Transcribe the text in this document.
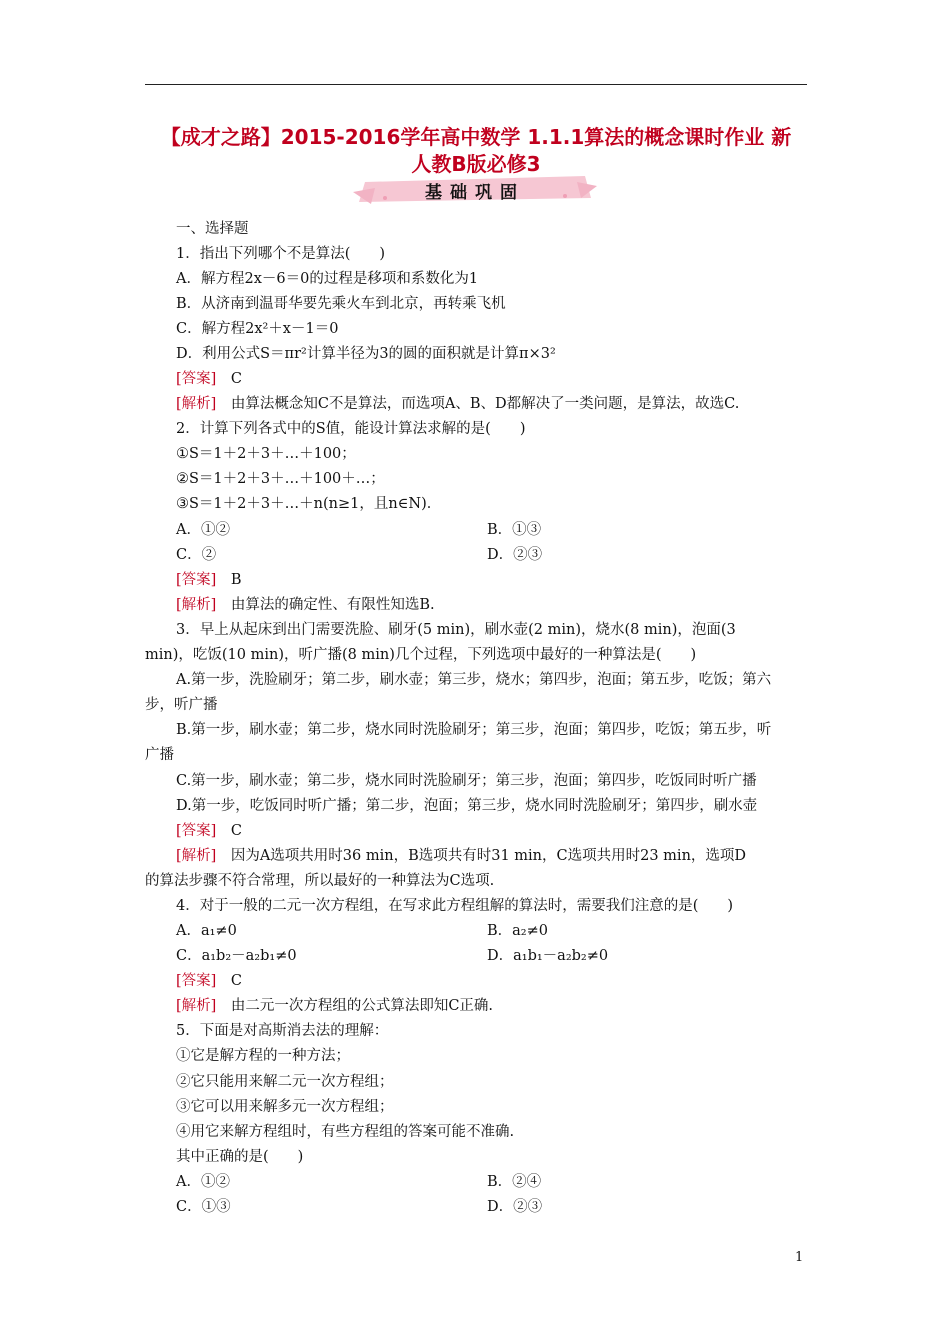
【成才之路】2015-2016学年高中数学 1.1.1算法的概念课时作业 新
人教B版必修3
基础巩固
一、选择题
1．指出下列哪个不是算法(　　)
A．解方程2x－6＝0的过程是移项和系数化为1
B．从济南到温哥华要先乘火车到北京，再转乘飞机
C．解方程2x²＋x－1＝0
D．利用公式S＝πr²计算半径为3的圆的面积就是计算π×3²
[答案]　 C
[解析]　 由算法概念知C不是算法，而选项A、B、D都解决了一类问题，是算法，故选C.
2．计算下列各式中的S值，能设计算法求解的是(　　)
①S＝1＋2＋3＋…＋100；
②S＝1＋2＋3＋…＋100＋…；
③S＝1＋2＋3＋…＋n(n≥1，且n∈N)．
A．①②	B．①③
C．②	D．②③
[答案]　 B
[解析]　 由算法的确定性、有限性知选B.
3．早上从起床到出门需要洗脸、刷牙(5 min)，刷水壶(2 min)，烧水(8 min)，泡面(3
min)，吃饭(10 min)，听广播(8 min)几个过程，下列选项中最好的一种算法是(　　)
A.第一步，洗脸刷牙；第二步，刷水壶；第三步，烧水；第四步，泡面；第五步，吃饭；第六
步，听广播
B.第一步，刷水壶；第二步，烧水同时洗脸刷牙；第三步，泡面；第四步，吃饭；第五步，听
广播
C.第一步，刷水壶；第二步，烧水同时洗脸刷牙；第三步，泡面；第四步，吃饭同时听广播
D.第一步，吃饭同时听广播；第二步，泡面；第三步，烧水同时洗脸刷牙；第四步，刷水壶
[答案]　 C
[解析]　 因为A选项共用时36 min，B选项共有时31 min，C选项共用时23 min，选项D
的算法步骤不符合常理，所以最好的一种算法为C选项.
4．对于一般的二元一次方程组，在写求此方程组解的算法时，需要我们注意的是(　　)
A．a₁≠0	B．a₂≠0
C．a₁b₂－a₂b₁≠0	D．a₁b₁－a₂b₂≠0
[答案]　 C
[解析]　 由二元一次方程组的公式算法即知C正确.
5．下面是对高斯消去法的理解：
①它是解方程的一种方法；
②它只能用来解二元一次方程组；
③它可以用来解多元一次方程组；
④用它来解方程组时，有些方程组的答案可能不准确.
其中正确的是(　　)
A．①②	B．②④
C．①③	D．②③
1
